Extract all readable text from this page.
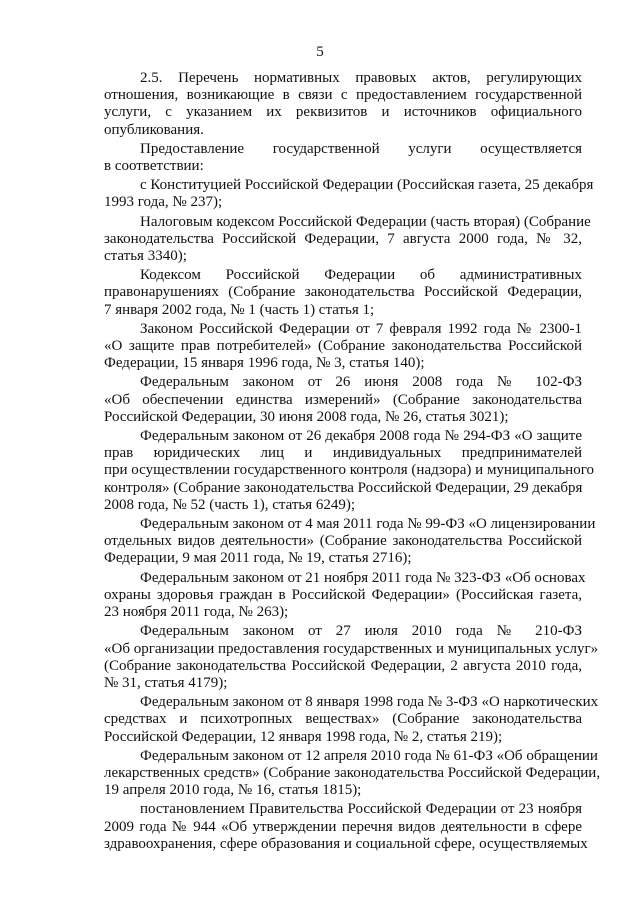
5
2.5. Перечень нормативных правовых актов, регулирующих
отношения, возникающие в связи с предоставлением государственной
услуги, с указанием их реквизитов и источников официального
опубликования.
Предоставление государственной услуги осуществляется
в соответствии:
с Конституцией Российской Федерации (Российская газета, 25 декабря
1993 года, № 237);
Налоговым кодексом Российской Федерации (часть вторая) (Собрание
законодательства Российской Федерации, 7 августа 2000 года, № 32,
статья 3340);
Кодексом Российской Федерации об административных
правонарушениях (Собрание законодательства Российской Федерации,
7 января 2002 года, № 1 (часть 1) статья 1;
Законом Российской Федерации от 7 февраля 1992 года № 2300-1
«О защите прав потребителей» (Собрание законодательства Российской
Федерации, 15 января 1996 года, № 3, статья 140);
Федеральным законом от 26 июня 2008 года № 102-ФЗ
«Об обеспечении единства измерений» (Собрание законодательства
Российской Федерации, 30 июня 2008 года, № 26, статья 3021);
Федеральным законом от 26 декабря 2008 года № 294-ФЗ «О защите
прав юридических лиц и индивидуальных предпринимателей
при осуществлении государственного контроля (надзора) и муниципального
контроля» (Собрание законодательства Российской Федерации, 29 декабря
2008 года, № 52 (часть 1), статья 6249);
Федеральным законом от 4 мая 2011 года № 99-ФЗ «О лицензировании
отдельных видов деятельности» (Собрание законодательства Российской
Федерации, 9 мая 2011 года, № 19, статья 2716);
Федеральным законом от 21 ноября 2011 года № 323-ФЗ «Об основах
охраны здоровья граждан в Российской Федерации» (Российская газета,
23 ноября 2011 года, № 263);
Федеральным законом от 27 июля 2010 года № 210-ФЗ
«Об организации предоставления государственных и муниципальных услуг»
(Собрание законодательства Российской Федерации, 2 августа 2010 года,
№ 31, статья 4179);
Федеральным законом от 8 января 1998 года № 3-ФЗ «О наркотических
средствах и психотропных веществах» (Собрание законодательства
Российской Федерации, 12 января 1998 года, № 2, статья 219);
Федеральным законом от 12 апреля 2010 года № 61-ФЗ «Об обращении
лекарственных средств» (Собрание законодательства Российской Федерации,
19 апреля 2010 года, № 16, статья 1815);
постановлением Правительства Российской Федерации от 23 ноября
2009 года № 944 «Об утверждении перечня видов деятельности в сфере
здравоохранения, сфере образования и социальной сфере, осуществляемых
